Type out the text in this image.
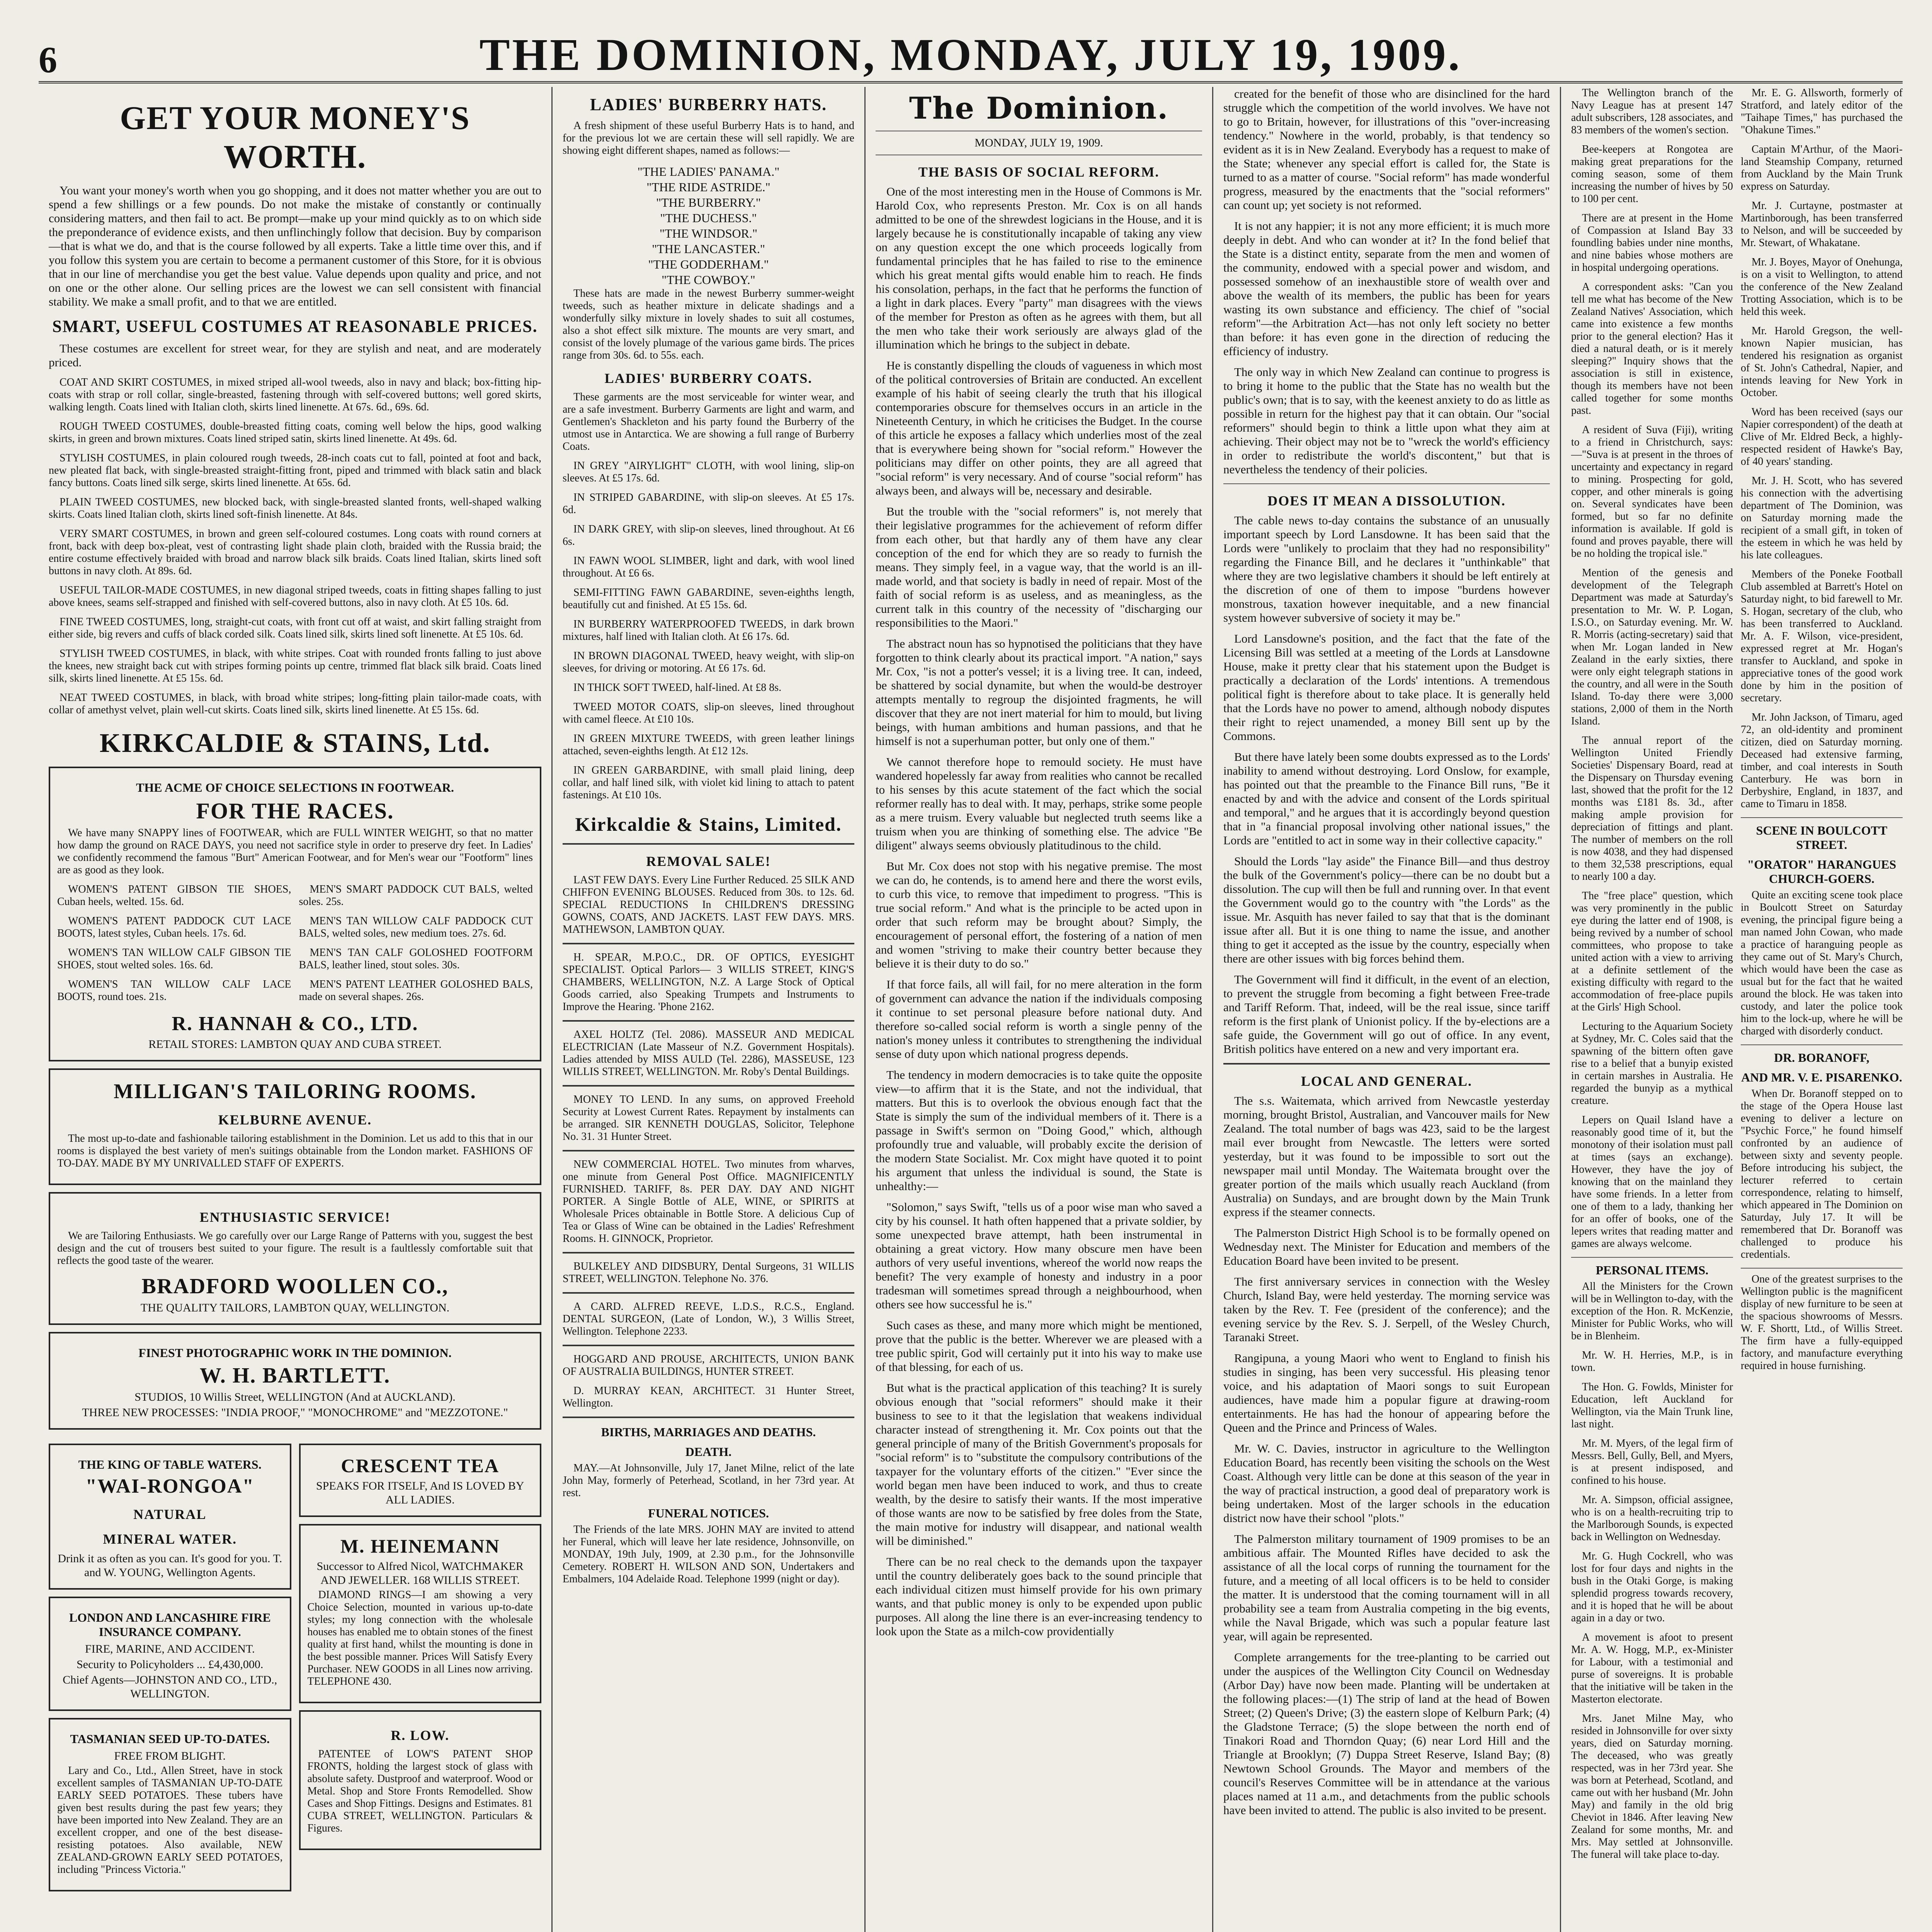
6	THE DOMINION, MONDAY, JULY 19, 1909.
GET YOUR MONEY'S WORTH.

You want your money's worth when you go shopping, and it does not matter whether you are out to spend a few shillings or a few pounds. Do not make the mistake of constantly or continually considering matters, and then fail to act. Be prompt—make up your mind quickly as to on which side the preponderance of evidence exists, and then unflinchingly follow that decision. Buy by comparison—that is what we do, and that is the course followed by all experts. Take a little time over this, and if you follow this system you are certain to become a permanent customer of this Store, for it is obvious that in our line of merchandise you get the best value. Value depends upon quality and price, and not on one or the other alone. Our selling prices are the lowest we can sell consistent with financial stability. We make a small profit, and to that we are entitled.

SMART, USEFUL COSTUMES AT REASONABLE PRICES.

These costumes are excellent for street wear, for they are stylish and neat, and are moderately priced.

COAT AND SKIRT COSTUMES, in mixed striped all-wool tweeds, also in navy and black; box-fitting hip-coats with strap or roll collar, single-breasted, fastening through with self-covered buttons; well gored skirts, walking length. Coats lined with Italian cloth, skirts lined linenette. At 67s. 6d., 69s. 6d.

ROUGH TWEED COSTUMES, double-breasted fitting coats, coming well below the hips, good walking skirts, in green and brown mixtures. Coats lined striped satin, skirts lined linenette. At 49s. 6d.

STYLISH COSTUMES, in plain coloured rough tweeds, 28-inch coats cut to fall, pointed at foot and back, new pleated flat back, with single-breasted straight-fitting front, piped and trimmed with black satin and black fancy buttons. Coats lined silk serge, skirts lined linenette. At 65s. 6d.

PLAIN TWEED COSTUMES, new blocked back, with single-breasted slanted fronts, well-shaped walking skirts. Coats lined Italian cloth, skirts lined soft-finish linenette. At 84s.

VERY SMART COSTUMES, in brown and green self-coloured costumes. Long coats with round corners at front, back with deep box-pleat, vest of contrasting light shade plain cloth, braided with the Russia braid; the entire costume effectively braided with broad and narrow black silk braids. Coats lined Italian, skirts lined soft buttons in navy cloth. At 89s. 6d.

USEFUL TAILOR-MADE COSTUMES, in new diagonal striped tweeds, coats in fitting shapes falling to just above knees, seams self-strapped and finished with self-covered buttons, also in navy cloth. At £5 10s. 6d.

FINE TWEED COSTUMES, long, straight-cut coats, with front cut off at waist, and skirt falling straight from either side, big revers and cuffs of black corded silk. Coats lined silk, skirts lined soft linenette. At £5 10s. 6d.

STYLISH TWEED COSTUMES, in black, with white stripes. Coat with rounded fronts falling to just above the knees, new straight back cut with stripes forming points up centre, trimmed flat black silk braid. Coats lined silk, skirts lined linenette. At £5 15s. 6d.

NEAT TWEED COSTUMES, in black, with broad white stripes; long-fitting plain tailor-made coats, with collar of amethyst velvet, plain well-cut skirts. Coats lined silk, skirts lined linenette. At £5 15s. 6d.

KIRKCALDIE & STAINS, Ltd.
THE ACME OF CHOICE SELECTIONS IN FOOTWEAR.
FOR THE RACES.

We have many SNAPPY lines of FOOTWEAR, which are FULL WINTER WEIGHT, so that no matter how damp the ground on RACE DAYS, you need not sacrifice style in order to preserve dry feet. In Ladies' we confidently recommend the famous "Burt" American Footwear, and for Men's wear our "Footform" lines are as good as they look.

WOMEN'S PATENT GIBSON TIE SHOES, Cuban heels, welted. 15s. 6d.

WOMEN'S PATENT PADDOCK CUT LACE BOOTS, latest styles, Cuban heels. 17s. 6d.

WOMEN'S TAN WILLOW CALF GIBSON TIE SHOES, stout welted soles. 16s. 6d.

WOMEN'S TAN WILLOW CALF LACE BOOTS, round toes. 21s.

MEN'S SMART PADDOCK CUT BALS, welted soles. 25s.

MEN'S TAN WILLOW CALF PADDOCK CUT BALS, welted soles, new medium toes. 27s. 6d.

MEN'S TAN CALF GOLOSHED FOOTFORM BALS, leather lined, stout soles. 30s.

MEN'S PATENT LEATHER GOLOSHED BALS, made on several shapes. 26s.

R. HANNAH & CO., LTD.
RETAIL STORES: LAMBTON QUAY AND CUBA STREET.
MILLIGAN'S TAILORING ROOMS.
KELBURNE AVENUE.

The most up-to-date and fashionable tailoring establishment in the Dominion. Let us add to this that in our rooms is displayed the best variety of men's suitings obtainable from the London market. FASHIONS OF TO-DAY. MADE BY MY UNRIVALLED STAFF OF EXPERTS.

ENTHUSIASTIC SERVICE!

We are Tailoring Enthusiasts. We go carefully over our Large Range of Patterns with you, suggest the best design and the cut of trousers best suited to your figure. The result is a faultlessly comfortable suit that reflects the good taste of the wearer.

BRADFORD WOOLLEN CO.,
THE QUALITY TAILORS, LAMBTON QUAY, WELLINGTON.
FINEST PHOTOGRAPHIC WORK IN THE DOMINION.
W. H. BARTLETT.
STUDIOS, 10 Willis Street, WELLINGTON (And at AUCKLAND).
THREE NEW PROCESSES: "INDIA PROOF," "MONOCHROME" and "MEZZOTONE."
THE KING OF TABLE WATERS.
"WAI-RONGOA"
NATURAL
MINERAL WATER.
Drink it as often as you can. It's good for you. T. and W. YOUNG, Wellington Agents.
LONDON AND LANCASHIRE FIRE INSURANCE COMPANY.
FIRE, MARINE, AND ACCIDENT.
Security to Policyholders ... £4,430,000.
Chief Agents—JOHNSTON AND CO., LTD., WELLINGTON.
TASMANIAN SEED UP-TO-DATES.
FREE FROM BLIGHT.

Lary and Co., Ltd., Allen Street, have in stock excellent samples of TASMANIAN UP-TO-DATE EARLY SEED POTATOES. These tubers have given best results during the past few years; they have been imported into New Zealand. They are an excellent cropper, and one of the best disease-resisting potatoes. Also available, NEW ZEALAND-GROWN EARLY SEED POTATOES, including "Princess Victoria."

CRESCENT TEA
SPEAKS FOR ITSELF, And IS LOVED BY ALL LADIES.
M. HEINEMANN
Successor to Alfred Nicol, WATCHMAKER AND JEWELLER. 168 WILLIS STREET.

DIAMOND RINGS—I am showing a very Choice Selection, mounted in various up-to-date styles; my long connection with the wholesale houses has enabled me to obtain stones of the finest quality at first hand, whilst the mounting is done in the best possible manner. Prices Will Satisfy Every Purchaser. NEW GOODS in all Lines now arriving. TELEPHONE 430.

R. LOW.

PATENTEE of LOW'S PATENT SHOP FRONTS, holding the largest stock of glass with absolute safety. Dustproof and waterproof. Wood or Metal. Shop and Store Fronts Remodelled. Show Cases and Shop Fittings. Designs and Estimates. 81 CUBA STREET, WELLINGTON. Particulars & Figures.

LADIES' BURBERRY HATS.

A fresh shipment of these useful Burberry Hats is to hand, and for the previous lot we are certain these will sell rapidly. We are showing eight different shapes, named as follows:—

"THE LADIES' PANAMA."
"THE RIDE ASTRIDE."
"THE BURBERRY."
"THE DUCHESS."
"THE WINDSOR."
"THE LANCASTER."
"THE GODDERHAM."
"THE COWBOY."

These hats are made in the newest Burberry summer-weight tweeds, such as heather mixture in delicate shadings and a wonderfully silky mixture in lovely shades to suit all costumes, also a shot effect silk mixture. The mounts are very smart, and consist of the lovely plumage of the various game birds. The prices range from 30s. 6d. to 55s. each.

LADIES' BURBERRY COATS.

These garments are the most serviceable for winter wear, and are a safe investment. Burberry Garments are light and warm, and Gentlemen's Shackleton and his party found the Burberry of the utmost use in Antarctica. We are showing a full range of Burberry Coats.

IN GREY "AIRYLIGHT" CLOTH, with wool lining, slip-on sleeves. At £5 17s. 6d.

IN STRIPED GABARDINE, with slip-on sleeves. At £5 17s. 6d.

IN DARK GREY, with slip-on sleeves, lined throughout. At £6 6s.

IN FAWN WOOL SLIMBER, light and dark, with wool lined throughout. At £6 6s.

SEMI-FITTING FAWN GABARDINE, seven-eighths length, beautifully cut and finished. At £5 15s. 6d.

IN BURBERRY WATERPROOFED TWEEDS, in dark brown mixtures, half lined with Italian cloth. At £6 17s. 6d.

IN BROWN DIAGONAL TWEED, heavy weight, with slip-on sleeves, for driving or motoring. At £6 17s. 6d.

IN THICK SOFT TWEED, half-lined. At £8 8s.

TWEED MOTOR COATS, slip-on sleeves, lined throughout with camel fleece. At £10 10s.

IN GREEN MIXTURE TWEEDS, with green leather linings attached, seven-eighths length. At £12 12s.

IN GREEN GARBARDINE, with small plaid lining, deep collar, and half lined silk, with violet kid lining to attach to patent fastenings. At £10 10s.

Kirkcaldie & Stains, Limited.
REMOVAL SALE!

LAST FEW DAYS. Every Line Further Reduced. 25 SILK AND CHIFFON EVENING BLOUSES. Reduced from 30s. to 12s. 6d. SPECIAL REDUCTIONS In CHILDREN'S DRESSING GOWNS, COATS, AND JACKETS. LAST FEW DAYS. MRS. MATHEWSON, LAMBTON QUAY.

H. SPEAR, M.P.O.C., DR. OF OPTICS, EYESIGHT SPECIALIST. Optical Parlors— 3 WILLIS STREET, KING'S CHAMBERS, WELLINGTON, N.Z. A Large Stock of Optical Goods carried, also Speaking Trumpets and Instruments to Improve the Hearing. 'Phone 2162.

AXEL HOLTZ (Tel. 2086). MASSEUR AND MEDICAL ELECTRICIAN (Late Masseur of N.Z. Government Hospitals). Ladies attended by MISS AULD (Tel. 2286), MASSEUSE, 123 WILLIS STREET, WELLINGTON. Mr. Roby's Dental Buildings.

MONEY TO LEND. In any sums, on approved Freehold Security at Lowest Current Rates. Repayment by instalments can be arranged. SIR KENNETH DOUGLAS, Solicitor, Telephone No. 31. 31 Hunter Street.

NEW COMMERCIAL HOTEL. Two minutes from wharves, one minute from General Post Office. MAGNIFICENTLY FURNISHED. TARIFF, 8s. PER DAY. DAY AND NIGHT PORTER. A Single Bottle of ALE, WINE, or SPIRITS at Wholesale Prices obtainable in Bottle Store. A delicious Cup of Tea or Glass of Wine can be obtained in the Ladies' Refreshment Rooms. H. GINNOCK, Proprietor.

BULKELEY AND DIDSBURY, Dental Surgeons, 31 WILLIS STREET, WELLINGTON. Telephone No. 376.

A CARD. ALFRED REEVE, L.D.S., R.C.S., England. DENTAL SURGEON, (Late of London, W.), 3 Willis Street, Wellington. Telephone 2233.

HOGGARD AND PROUSE, ARCHITECTS, UNION BANK OF AUSTRALIA BUILDINGS, HUNTER STREET.

D. MURRAY KEAN, ARCHITECT. 31 Hunter Street, Wellington.

BIRTHS, MARRIAGES AND DEATHS.
DEATH.

MAY.—At Johnsonville, July 17, Janet Milne, relict of the late John May, formerly of Peterhead, Scotland, in her 73rd year. At rest.

FUNERAL NOTICES.

The Friends of the late MRS. JOHN MAY are invited to attend her Funeral, which will leave her late residence, Johnsonville, on MONDAY, 19th July, 1909, at 2.30 p.m., for the Johnsonville Cemetery. ROBERT H. WILSON AND SON, Undertakers and Embalmers, 104 Adelaide Road. Telephone 1999 (night or day).

The Dominion.
MONDAY, JULY 19, 1909.
THE BASIS OF SOCIAL REFORM.

One of the most interesting men in the House of Commons is Mr. Harold Cox, who represents Preston. Mr. Cox is on all hands admitted to be one of the shrewdest logicians in the House, and it is largely because he is constitutionally incapable of taking any view on any question except the one which proceeds logically from fundamental principles that he has failed to rise to the eminence which his great mental gifts would enable him to reach. He finds his consolation, perhaps, in the fact that he performs the function of a light in dark places. Every "party" man disagrees with the views of the member for Preston as often as he agrees with them, but all the men who take their work seriously are always glad of the illumination which he brings to the subject in debate.

He is constantly dispelling the clouds of vagueness in which most of the political controversies of Britain are conducted. An excellent example of his habit of seeing clearly the truth that his illogical contemporaries obscure for themselves occurs in an article in the Nineteenth Century, in which he criticises the Budget. In the course of this article he exposes a fallacy which underlies most of the zeal that is everywhere being shown for "social reform." However the politicians may differ on other points, they are all agreed that "social reform" is very necessary. And of course "social reform" has always been, and always will be, necessary and desirable.

But the trouble with the "social reformers" is, not merely that their legislative programmes for the achievement of reform differ from each other, but that hardly any of them have any clear conception of the end for which they are so ready to furnish the means. They simply feel, in a vague way, that the world is an ill-made world, and that society is badly in need of repair. Most of the faith of social reform is as useless, and as meaningless, as the current talk in this country of the necessity of "discharging our responsibilities to the Maori."

The abstract noun has so hypnotised the politicians that they have forgotten to think clearly about its practical import. "A nation," says Mr. Cox, "is not a potter's vessel; it is a living tree. It can, indeed, be shattered by social dynamite, but when the would-be destroyer attempts mentally to regroup the disjointed fragments, he will discover that they are not inert material for him to mould, but living beings, with human ambitions and human passions, and that he himself is not a superhuman potter, but only one of them."

We cannot therefore hope to remould society. He must have wandered hopelessly far away from realities who cannot be recalled to his senses by this acute statement of the fact which the social reformer really has to deal with. It may, perhaps, strike some people as a mere truism. Every valuable but neglected truth seems like a truism when you are thinking of something else. The advice "Be diligent" always seems obviously platitudinous to the child.

But Mr. Cox does not stop with his negative premise. The most we can do, he contends, is to amend here and there the worst evils, to curb this vice, to remove that impediment to progress. "This is true social reform." And what is the principle to be acted upon in order that such reform may be brought about? Simply, the encouragement of personal effort, the fostering of a nation of men and women "striving to make their country better because they believe it is their duty to do so."

If that force fails, all will fail, for no mere alteration in the form of government can advance the nation if the individuals composing it continue to set personal pleasure before national duty. And therefore so-called social reform is worth a single penny of the nation's money unless it contributes to strengthening the individual sense of duty upon which national progress depends.

The tendency in modern democracies is to take quite the opposite view—to affirm that it is the State, and not the individual, that matters. But this is to overlook the obvious enough fact that the State is simply the sum of the individual members of it. There is a passage in Swift's sermon on "Doing Good," which, although profoundly true and valuable, will probably excite the derision of the modern State Socialist. Mr. Cox might have quoted it to point his argument that unless the individual is sound, the State is unhealthy:—

"Solomon," says Swift, "tells us of a poor wise man who saved a city by his counsel. It hath often happened that a private soldier, by some unexpected brave attempt, hath been instrumental in obtaining a great victory. How many obscure men have been authors of very useful inventions, whereof the world now reaps the benefit? The very example of honesty and industry in a poor tradesman will sometimes spread through a neighbourhood, when others see how successful he is."

Such cases as these, and many more which might be mentioned, prove that the public is the better. Wherever we are pleased with a tree public spirit, God will certainly put it into his way to make use of that blessing, for each of us.

But what is the practical application of this teaching? It is surely obvious enough that "social reformers" should make it their business to see to it that the legislation that weakens individual character instead of strengthening it. Mr. Cox points out that the general principle of many of the British Government's proposals for "social reform" is to "substitute the compulsory contributions of the taxpayer for the voluntary efforts of the citizen." "Ever since the world began men have been induced to work, and thus to create wealth, by the desire to satisfy their wants. If the most imperative of those wants are now to be satisfied by free doles from the State, the main motive for industry will disappear, and national wealth will be diminished."

There can be no real check to the demands upon the taxpayer until the country deliberately goes back to the sound principle that each individual citizen must himself provide for his own primary wants, and that public money is only to be expended upon public purposes. All along the line there is an ever-increasing tendency to look upon the State as a milch-cow providentially

created for the benefit of those who are disinclined for the hard struggle which the competition of the world involves. We have not to go to Britain, however, for illustrations of this "over-increasing tendency." Nowhere in the world, probably, is that tendency so evident as it is in New Zealand. Everybody has a request to make of the State; whenever any special effort is called for, the State is turned to as a matter of course. "Social reform" has made wonderful progress, measured by the enactments that the "social reformers" can count up; yet society is not reformed.

It is not any happier; it is not any more efficient; it is much more deeply in debt. And who can wonder at it? In the fond belief that the State is a distinct entity, separate from the men and women of the community, endowed with a special power and wisdom, and possessed somehow of an inexhaustible store of wealth over and above the wealth of its members, the public has been for years wasting its own substance and efficiency. The chief of "social reform"—the Arbitration Act—has not only left society no better than before: it has even gone in the direction of reducing the efficiency of industry.

The only way in which New Zealand can continue to progress is to bring it home to the public that the State has no wealth but the public's own; that is to say, with the keenest anxiety to do as little as possible in return for the highest pay that it can obtain. Our "social reformers" should begin to think a little upon what they aim at achieving. Their object may not be to "wreck the world's efficiency in order to redistribute the world's discontent," but that is nevertheless the tendency of their policies.

DOES IT MEAN A DISSOLUTION.

The cable news to-day contains the substance of an unusually important speech by Lord Lansdowne. It has been said that the Lords were "unlikely to proclaim that they had no responsibility" regarding the Finance Bill, and he declares it "unthinkable" that where they are two legislative chambers it should be left entirely at the discretion of one of them to impose "burdens however monstrous, taxation however inequitable, and a new financial system however subversive of society it may be."

Lord Lansdowne's position, and the fact that the fate of the Licensing Bill was settled at a meeting of the Lords at Lansdowne House, make it pretty clear that his statement upon the Budget is practically a declaration of the Lords' intentions. A tremendous political fight is therefore about to take place. It is generally held that the Lords have no power to amend, although nobody disputes their right to reject unamended, a money Bill sent up by the Commons.

But there have lately been some doubts expressed as to the Lords' inability to amend without destroying. Lord Onslow, for example, has pointed out that the preamble to the Finance Bill runs, "Be it enacted by and with the advice and consent of the Lords spiritual and temporal," and he argues that it is accordingly beyond question that in "a financial proposal involving other national issues," the Lords are "entitled to act in some way in their collective capacity."

Should the Lords "lay aside" the Finance Bill—and thus destroy the bulk of the Government's policy—there can be no doubt but a dissolution. The cup will then be full and running over. In that event the Government would go to the country with "the Lords" as the issue. Mr. Asquith has never failed to say that that is the dominant issue after all. But it is one thing to name the issue, and another thing to get it accepted as the issue by the country, especially when there are other issues with big forces behind them.

The Government will find it difficult, in the event of an election, to prevent the struggle from becoming a fight between Free-trade and Tariff Reform. That, indeed, will be the real issue, since tariff reform is the first plank of Unionist policy. If the by-elections are a safe guide, the Government will go out of office. In any event, British politics have entered on a new and very important era.

LOCAL AND GENERAL.

The s.s. Waitemata, which arrived from Newcastle yesterday morning, brought Bristol, Australian, and Vancouver mails for New Zealand. The total number of bags was 423, said to be the largest mail ever brought from Newcastle. The letters were sorted yesterday, but it was found to be impossible to sort out the newspaper mail until Monday. The Waitemata brought over the greater portion of the mails which usually reach Auckland (from Australia) on Sundays, and are brought down by the Main Trunk express if the steamer connects.

The Palmerston District High School is to be formally opened on Wednesday next. The Minister for Education and members of the Education Board have been invited to be present.

The first anniversary services in connection with the Wesley Church, Island Bay, were held yesterday. The morning service was taken by the Rev. T. Fee (president of the conference); and the evening service by the Rev. S. J. Serpell, of the Wesley Church, Taranaki Street.

Rangipuna, a young Maori who went to England to finish his studies in singing, has been very successful. His pleasing tenor voice, and his adaptation of Maori songs to suit European audiences, have made him a popular figure at drawing-room entertainments. He has had the honour of appearing before the Queen and the Prince and Princess of Wales.

Mr. W. C. Davies, instructor in agriculture to the Wellington Education Board, has recently been visiting the schools on the West Coast. Although very little can be done at this season of the year in the way of practical instruction, a good deal of preparatory work is being undertaken. Most of the larger schools in the education district now have their school "plots."

The Palmerston military tournament of 1909 promises to be an ambitious affair. The Mounted Rifles have decided to ask the assistance of all the local corps of running the tournament for the future, and a meeting of all local officers is to be held to consider the matter. It is understood that the coming tournament will in all probability see a team from Australia competing in the big events, while the Naval Brigade, which was such a popular feature last year, will again be represented.

Complete arrangements for the tree-planting to be carried out under the auspices of the Wellington City Council on Wednesday (Arbor Day) have now been made. Planting will be undertaken at the following places:—(1) The strip of land at the head of Bowen Street; (2) Queen's Drive; (3) the eastern slope of Kelburn Park; (4) the Gladstone Terrace; (5) the slope between the north end of Tinakori Road and Thorndon Quay; (6) near Lord Hill and the Triangle at Brooklyn; (7) Duppa Street Reserve, Island Bay; (8) Newtown School Grounds. The Mayor and members of the council's Reserves Committee will be in attendance at the various places named at 11 a.m., and detachments from the public schools have been invited to attend. The public is also invited to be present.

The Wellington branch of the Navy League has at present 147 adult subscribers, 128 associates, and 83 members of the women's section.

Bee-keepers at Rongotea are making great preparations for the coming season, some of them increasing the number of hives by 50 to 100 per cent.

There are at present in the Home of Compassion at Island Bay 33 foundling babies under nine months, and nine babies whose mothers are in hospital undergoing operations.

A correspondent asks: "Can you tell me what has become of the New Zealand Natives' Association, which came into existence a few months prior to the general election? Has it died a natural death, or is it merely sleeping?" Inquiry shows that the association is still in existence, though its members have not been called together for some months past.

A resident of Suva (Fiji), writing to a friend in Christchurch, says:—"Suva is at present in the throes of uncertainty and expectancy in regard to mining. Prospecting for gold, copper, and other minerals is going on. Several syndicates have been formed, but so far no definite information is available. If gold is found and proves payable, there will be no holding the tropical isle."

Mention of the genesis and development of the Telegraph Department was made at Saturday's presentation to Mr. W. P. Logan, I.S.O., on Saturday evening. Mr. W. R. Morris (acting-secretary) said that when Mr. Logan landed in New Zealand in the early sixties, there were only eight telegraph stations in the country, and all were in the South Island. To-day there were 3,000 stations, 2,000 of them in the North Island.

The annual report of the Wellington United Friendly Societies' Dispensary Board, read at the Dispensary on Thursday evening last, showed that the profit for the 12 months was £181 8s. 3d., after making ample provision for depreciation of fittings and plant. The number of members on the roll is now 4038, and they had dispensed to them 32,538 prescriptions, equal to nearly 100 a day.

The "free place" question, which was very prominently in the public eye during the latter end of 1908, is being revived by a number of school committees, who propose to take united action with a view to arriving at a definite settlement of the existing difficulty with regard to the accommodation of free-place pupils at the Girls' High School.

Lecturing to the Aquarium Society at Sydney, Mr. C. Coles said that the spawning of the bittern often gave rise to a belief that a bunyip existed in certain marshes in Australia. He regarded the bunyip as a mythical creature.

Lepers on Quail Island have a reasonably good time of it, but the monotony of their isolation must pall at times (says an exchange). However, they have the joy of knowing that on the mainland they have some friends. In a letter from one of them to a lady, thanking her for an offer of books, one of the lepers writes that reading matter and games are always welcome.

PERSONAL ITEMS.

All the Ministers for the Crown will be in Wellington to-day, with the exception of the Hon. R. McKenzie, Minister for Public Works, who will be in Blenheim.

Mr. W. H. Herries, M.P., is in town.

The Hon. G. Fowlds, Minister for Education, left Auckland for Wellington, via the Main Trunk line, last night.

Mr. M. Myers, of the legal firm of Messrs. Bell, Gully, Bell, and Myers, is at present indisposed, and confined to his house.

Mr. A. Simpson, official assignee, who is on a health-recruiting trip to the Marlborough Sounds, is expected back in Wellington on Wednesday.

Mr. G. Hugh Cockrell, who was lost for four days and nights in the bush in the Otaki Gorge, is making splendid progress towards recovery, and it is hoped that he will be about again in a day or two.

A movement is afoot to present Mr. A. W. Hogg, M.P., ex-Minister for Labour, with a testimonial and purse of sovereigns. It is probable that the initiative will be taken in the Masterton electorate.

Mrs. Janet Milne May, who resided in Johnsonville for over sixty years, died on Saturday morning. The deceased, who was greatly respected, was in her 73rd year. She was born at Peterhead, Scotland, and came out with her husband (Mr. John May) and family in the old brig Cheviot in 1846. After leaving New Zealand for some months, Mr. and Mrs. May settled at Johnsonville. The funeral will take place to-day.

Mr. E. G. Allsworth, formerly of Stratford, and lately editor of the "Taihape Times," has purchased the "Ohakune Times."

Captain M'Arthur, of the Maori-land Steamship Company, returned from Auckland by the Main Trunk express on Saturday.

Mr. J. Curtayne, postmaster at Martinborough, has been transferred to Nelson, and will be succeeded by Mr. Stewart, of Whakatane.

Mr. J. Boyes, Mayor of Onehunga, is on a visit to Wellington, to attend the conference of the New Zealand Trotting Association, which is to be held this week.

Mr. Harold Gregson, the well-known Napier musician, has tendered his resignation as organist of St. John's Cathedral, Napier, and intends leaving for New York in October.

Word has been received (says our Napier correspondent) of the death at Clive of Mr. Eldred Beck, a highly-respected resident of Hawke's Bay, of 40 years' standing.

Mr. J. H. Scott, who has severed his connection with the advertising department of The Dominion, was on Saturday morning made the recipient of a small gift, in token of the esteem in which he was held by his late colleagues.

Members of the Poneke Football Club assembled at Barrett's Hotel on Saturday night, to bid farewell to Mr. S. Hogan, secretary of the club, who has been transferred to Auckland. Mr. A. F. Wilson, vice-president, expressed regret at Mr. Hogan's transfer to Auckland, and spoke in appreciative tones of the good work done by him in the position of secretary.

Mr. John Jackson, of Timaru, aged 72, an old-identity and prominent citizen, died on Saturday morning. Deceased had extensive farming, timber, and coal interests in South Canterbury. He was born in Derbyshire, England, in 1837, and came to Timaru in 1858.

SCENE IN BOULCOTT STREET.
"ORATOR" HARANGUES CHURCH-GOERS.

Quite an exciting scene took place in Boulcott Street on Saturday evening, the principal figure being a man named John Cowan, who made a practice of haranguing people as they came out of St. Mary's Church, which would have been the case as usual but for the fact that he waited around the block. He was taken into custody, and later the police took him to the lock-up, where he will be charged with disorderly conduct.

DR. BORANOFF,
AND MR. V. E. PISARENKO.

When Dr. Boranoff stepped on to the stage of the Opera House last evening to deliver a lecture on "Psychic Force," he found himself confronted by an audience of between sixty and seventy people. Before introducing his subject, the lecturer referred to certain correspondence, relating to himself, which appeared in The Dominion on Saturday, July 17. It will be remembered that Dr. Boranoff was challenged to produce his credentials.

One of the greatest surprises to the Wellington public is the magnificent display of new furniture to be seen at the spacious showrooms of Messrs. W. F. Shortt, Ltd., of Willis Street. The firm have a fully-equipped factory, and manufacture everything required in house furnishing.
